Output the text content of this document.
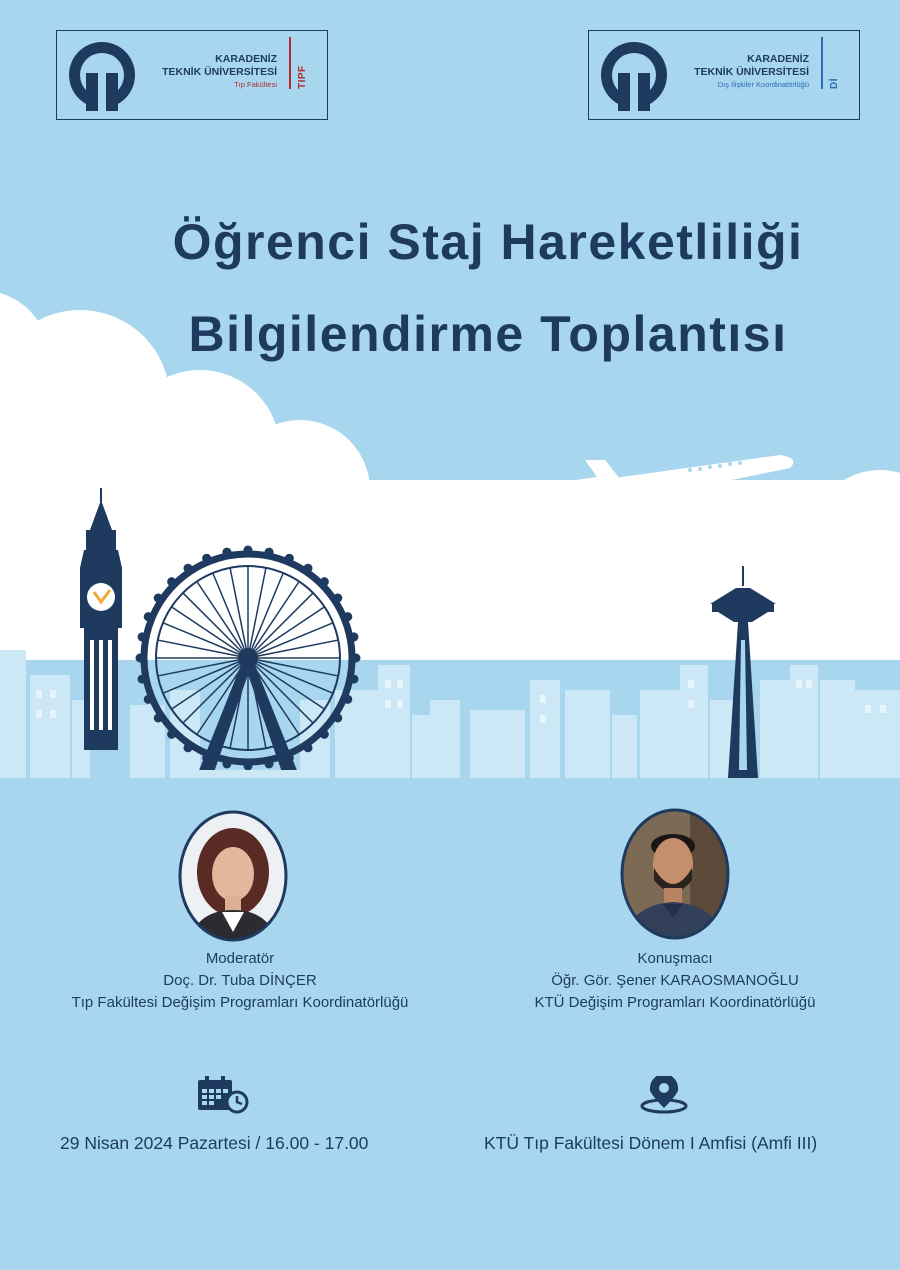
KARADENİZ
TEKNİK ÜNİVERSİTESİ
Tıp Fakültesi TIPF
KARADENİZ
TEKNİK ÜNİVERSİTESİ
Dış İlişkiler Koordinatörlüğü Dİ
Öğrenci Staj Hareketliliği
Bilgilendirme Toplantısı
Moderatör
Doç. Dr. Tuba DİNÇER
Tıp Fakültesi Değişim Programları Koordinatörlüğü
Konuşmacı
Öğr. Gör. Şener KARAOSMANOĞLU
KTÜ Değişim Programları Koordinatörlüğü
29 Nisan 2024 Pazartesi / 16.00 - 17.00	KTÜ Tıp Fakültesi Dönem I Amfisi (Amfi III)
